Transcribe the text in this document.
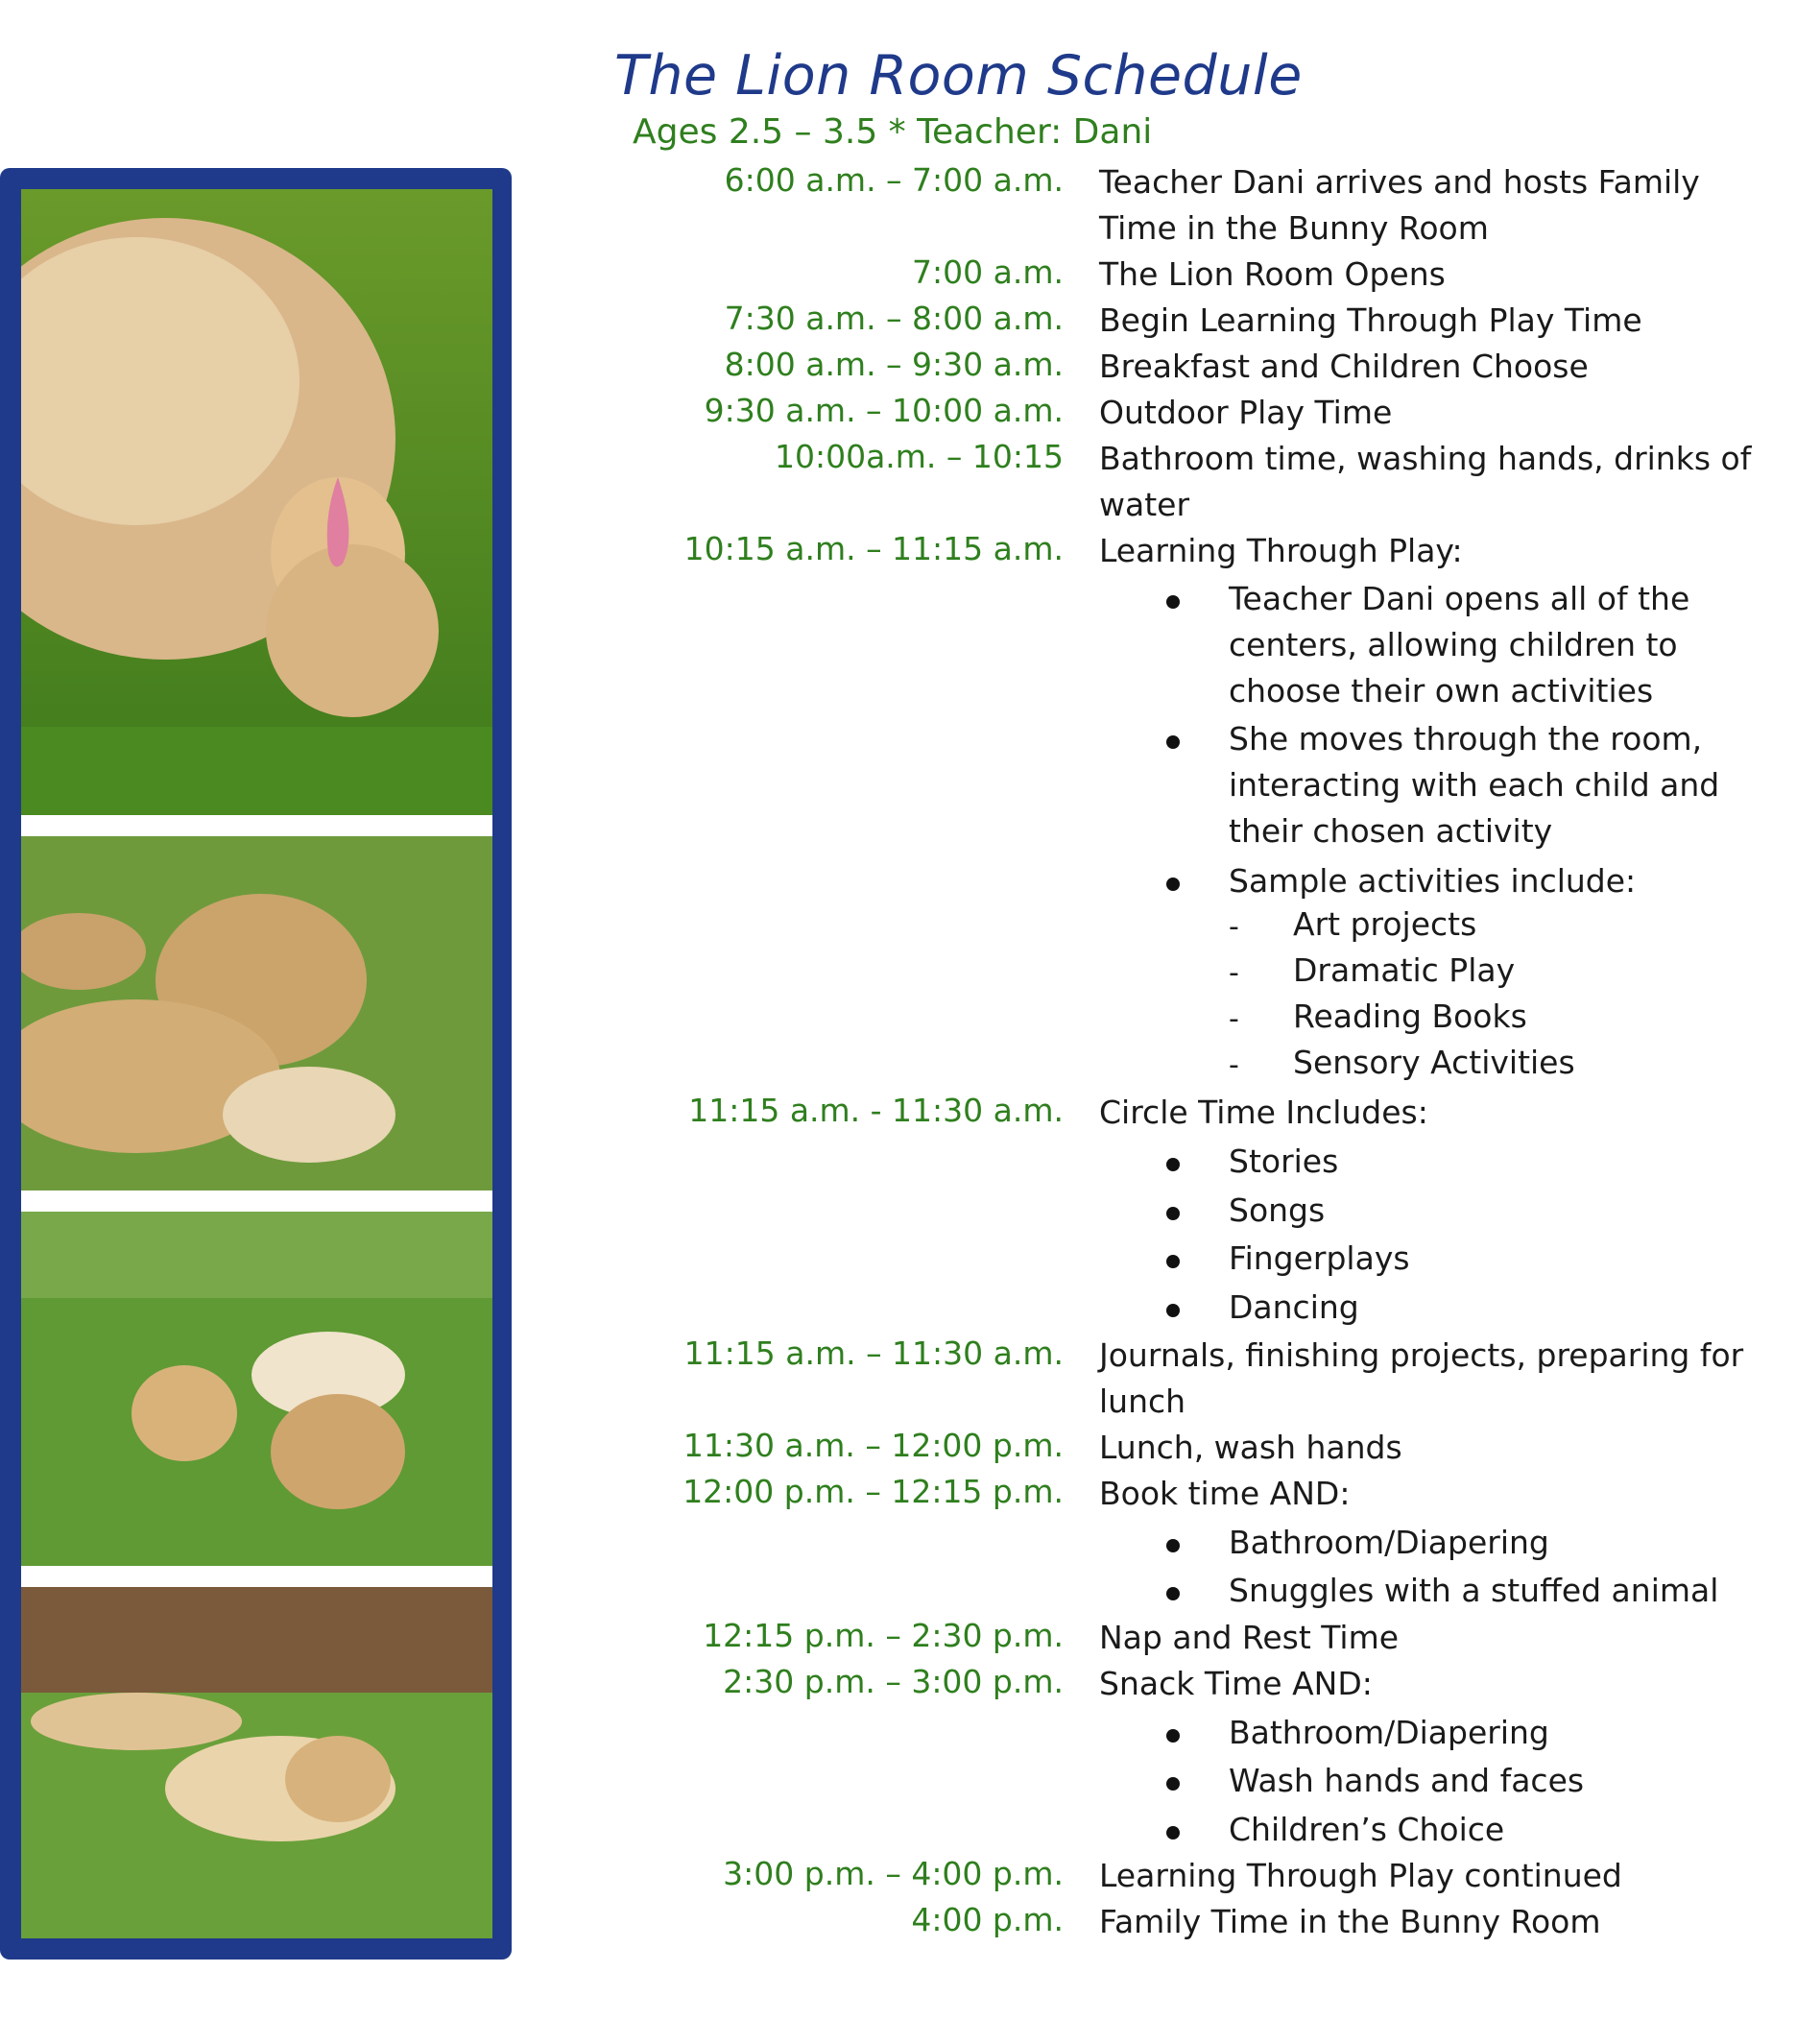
The Lion Room Schedule
Ages 2.5 – 3.5 * Teacher: Dani
6:00 a.m. – 7:00 a.m. Teacher Dani arrives and hosts Family
Time in the Bunny Room
7:00 a.m. The Lion Room Opens
7:30 a.m. – 8:00 a.m. Begin Learning Through Play Time
8:00 a.m. – 9:30 a.m. Breakfast and Children Choose
9:30 a.m. – 10:00 a.m. Outdoor Play Time
10:00a.m. – 10:15 Bathroom time, washing hands, drinks of
water
10:15 a.m. – 11:15 a.m. Learning Through Play:
Teacher Dani opens all of the
centers, allowing children to
choose their own activities
She moves through the room,
interacting with each child and
their chosen activity
Sample activities include:
- Art projects
- Dramatic Play
- Reading Books
- Sensory Activities
11:15 a.m. - 11:30 a.m. Circle Time Includes:
Stories
Songs
Fingerplays
Dancing
11:15 a.m. – 11:30 a.m. Journals, finishing projects, preparing for
lunch
11:30 a.m. – 12:00 p.m. Lunch, wash hands
12:00 p.m. – 12:15 p.m. Book time AND:
Bathroom/Diapering
Snuggles with a stuffed animal
12:15 p.m. – 2:30 p.m. Nap and Rest Time
2:30 p.m. – 3:00 p.m. Snack Time AND:
Bathroom/Diapering
Wash hands and faces
Children’s Choice
3:00 p.m. – 4:00 p.m. Learning Through Play continued
4:00 p.m. Family Time in the Bunny Room
